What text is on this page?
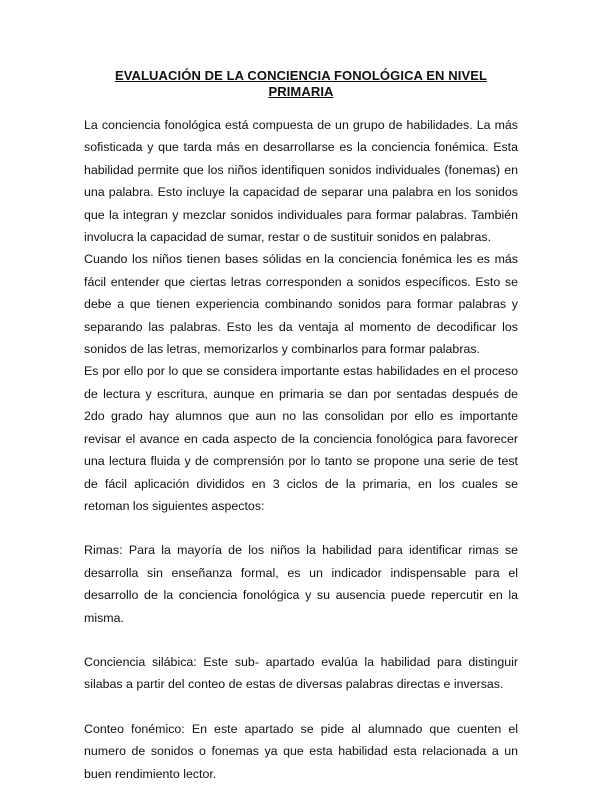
EVALUACIÓN DE LA CONCIENCIA FONOLÓGICA EN NIVEL
PRIMARIA

La conciencia fonológica está compuesta de un grupo de habilidades. La más sofisticada y que tarda más en desarrollarse es la conciencia fonémica. Esta habilidad permite que los niños identifiquen sonidos individuales (fonemas) en una palabra. Esto incluye la capacidad de separar una palabra en los sonidos que la integran y mezclar sonidos individuales para formar palabras. También involucra la capacidad de sumar, restar o de sustituir sonidos en palabras.

Cuando los niños tienen bases sólidas en la conciencia fonémica les es más fácil entender que ciertas letras corresponden a sonidos específicos. Esto se debe a que tienen experiencia combinando sonidos para formar palabras y separando las palabras. Esto les da ventaja al momento de decodificar los sonidos de las letras, memorizarlos y combinarlos para formar palabras.

Es por ello por lo que se considera importante estas habilidades en el proceso de lectura y escritura, aunque en primaria se dan por sentadas después de 2do grado hay alumnos que aun no las consolidan por ello es importante revisar el avance en cada aspecto de la conciencia fonológica para favorecer una lectura fluida y de comprensión por lo tanto se propone una serie de test de fácil aplicación divididos en 3 ciclos de la primaria, en los cuales se retoman los siguientes aspectos:

Rimas: Para la mayoría de los niños la habilidad para identificar rimas se desarrolla sin enseñanza formal, es un indicador indispensable para el desarrollo de la conciencia fonológica y su ausencia puede repercutir en la misma.

Conciencia silábica: Este sub- apartado evalúa la habilidad para distinguir silabas a partir del conteo de estas de diversas palabras directas e inversas.

Conteo fonémico: En este apartado se pide al alumnado que cuenten el numero de sonidos o fonemas ya que esta habilidad esta relacionada a un buen rendimiento lector.
